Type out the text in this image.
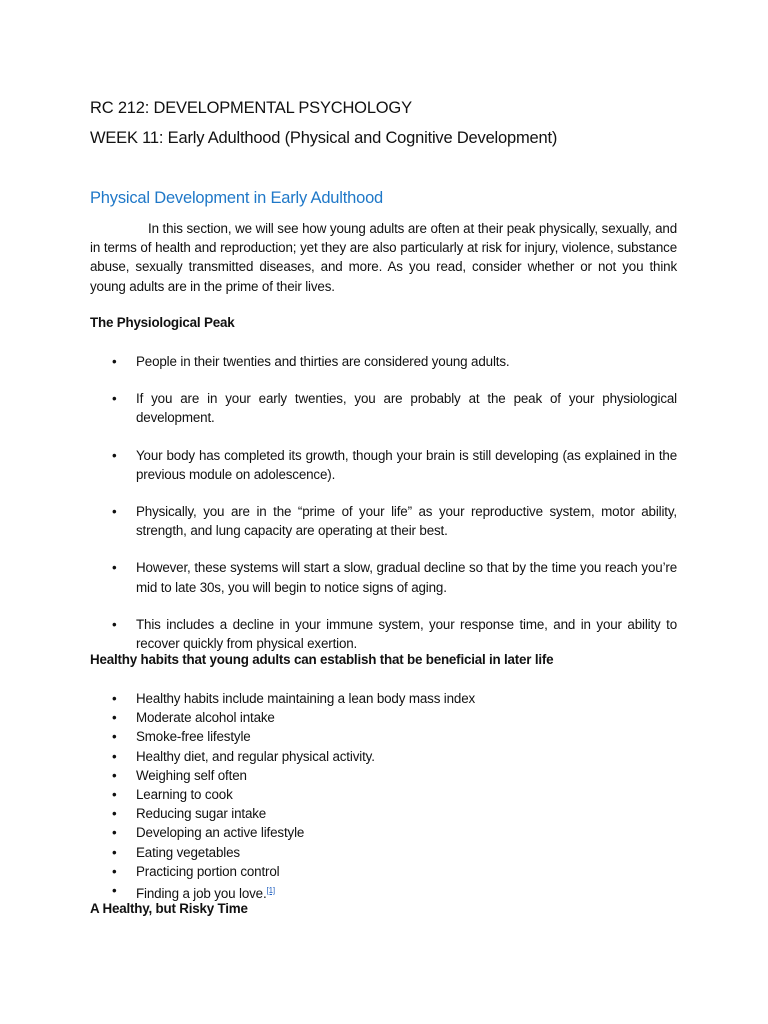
RC 212: DEVELOPMENTAL PSYCHOLOGY
WEEK 11: Early Adulthood (Physical and Cognitive Development)
Physical Development in Early Adulthood

In this section, we will see how young adults are often at their peak physically, sexually, and in terms of health and reproduction; yet they are also particularly at risk for injury, violence, substance abuse, sexually transmitted diseases, and more. As you read, consider whether or not you think young adults are in the prime of their lives.

The Physiological Peak

•	People in their twenties and thirties are considered young adults.
•	If you are in your early twenties, you are probably at the peak of your physiological development.
•	Your body has completed its growth, though your brain is still developing (as explained in the previous module on adolescence).
•	Physically, you are in the “prime of your life” as your reproductive system, motor ability, strength, and lung capacity are operating at their best.
•	However, these systems will start a slow, gradual decline so that by the time you reach you’re mid to late 30s, you will begin to notice signs of aging.
•	This includes a decline in your immune system, your response time, and in your ability to recover quickly from physical exertion.

Healthy habits that young adults can establish that be beneficial in later life

•	Healthy habits include maintaining a lean body mass index
•	Moderate alcohol intake
•	Smoke-free lifestyle
•	Healthy diet, and regular physical activity.
•	Weighing self often
•	Learning to cook
•	Reducing sugar intake
•	Developing an active lifestyle
•	Eating vegetables
•	Practicing portion control
•	Finding a job you love.[1]

A Healthy, but Risky Time
